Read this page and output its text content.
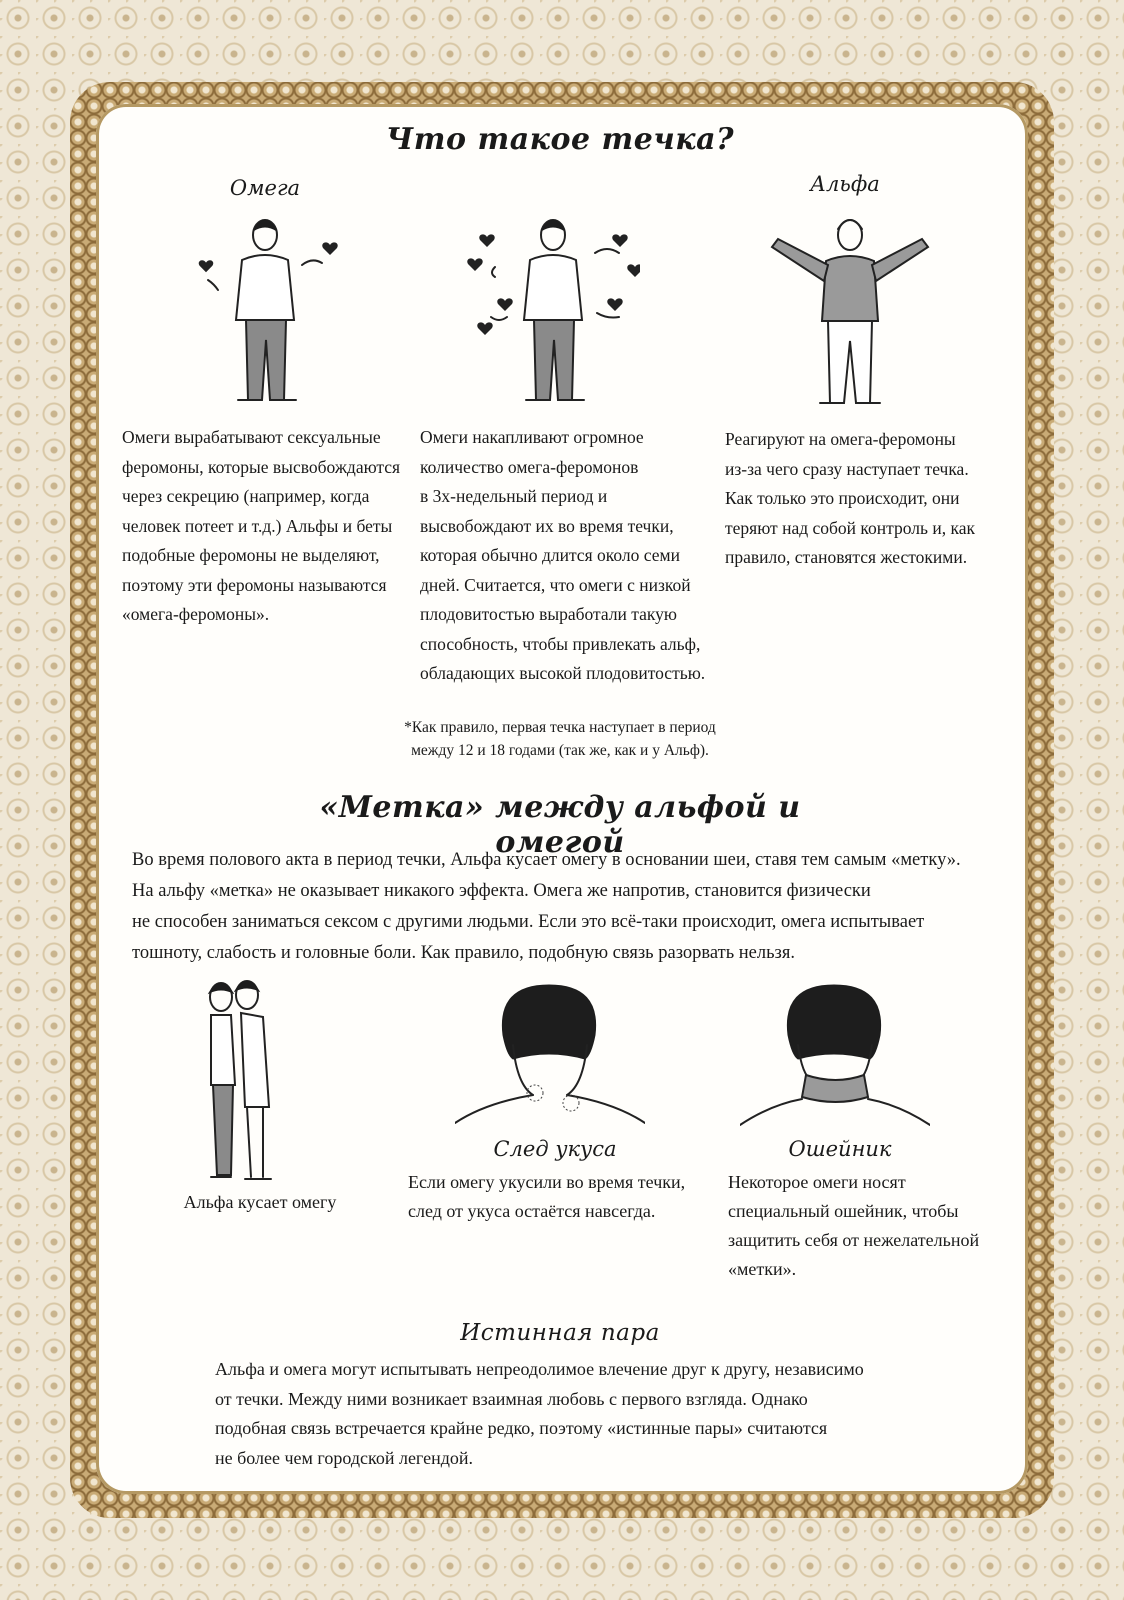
Что такое течка?
Омега	Альфа

Омеги вырабатывают сексуальные

феромоны, которые высвобождаются

через секрецию (например, когда

человек потеет и т.д.) Альфы и беты

подобные феромоны не выделяют,

поэтому эти феромоны называются

«омега-феромоны».

Омеги накапливают огромное

количество омега-феромонов

в 3х-недельный период и

высвобождают их во время течки,

которая обычно длится около семи

дней. Считается, что омеги с низкой

плодовитостью выработали такую

способность, чтобы привлекать альф,

обладающих высокой плодовитостью.

Реагируют на омега-феромоны

из-за чего сразу наступает течка.

Как только это происходит, они

теряют над собой контроль и, как

правило, становятся жестокими.

*Как правило, первая течка наступает в период
между 12 и 18 годами (так же, как и у Альф).
«Метка» между альфой и омегой

Во время полового акта в период течки, Альфа кусает омегу в основании шеи, ставя тем самым «метку».

На альфу «метка» не оказывает никакого эффекта. Омега же напротив, становится физически

не способен заниматься сексом с другими людьми. Если это всё-таки происходит, омега испытывает

тошноту, слабость и головные боли. Как правило, подобную связь разорвать нельзя.

Альфа кусает омегу
След укуса

Если омегу укусили во время течки,

след от укуса остаётся навсегда.

Ошейник

Некоторое омеги носят

специальный ошейник, чтобы

защитить себя от нежелательной

«метки».

Истинная пара

Альфа и омега могут испытывать непреодолимое влечение друг к другу, независимо

от течки. Между ними возникает взаимная любовь с первого взгляда. Однако

подобная связь встречается крайне редко, поэтому «истинные пары» считаются

не более чем городской легендой.
